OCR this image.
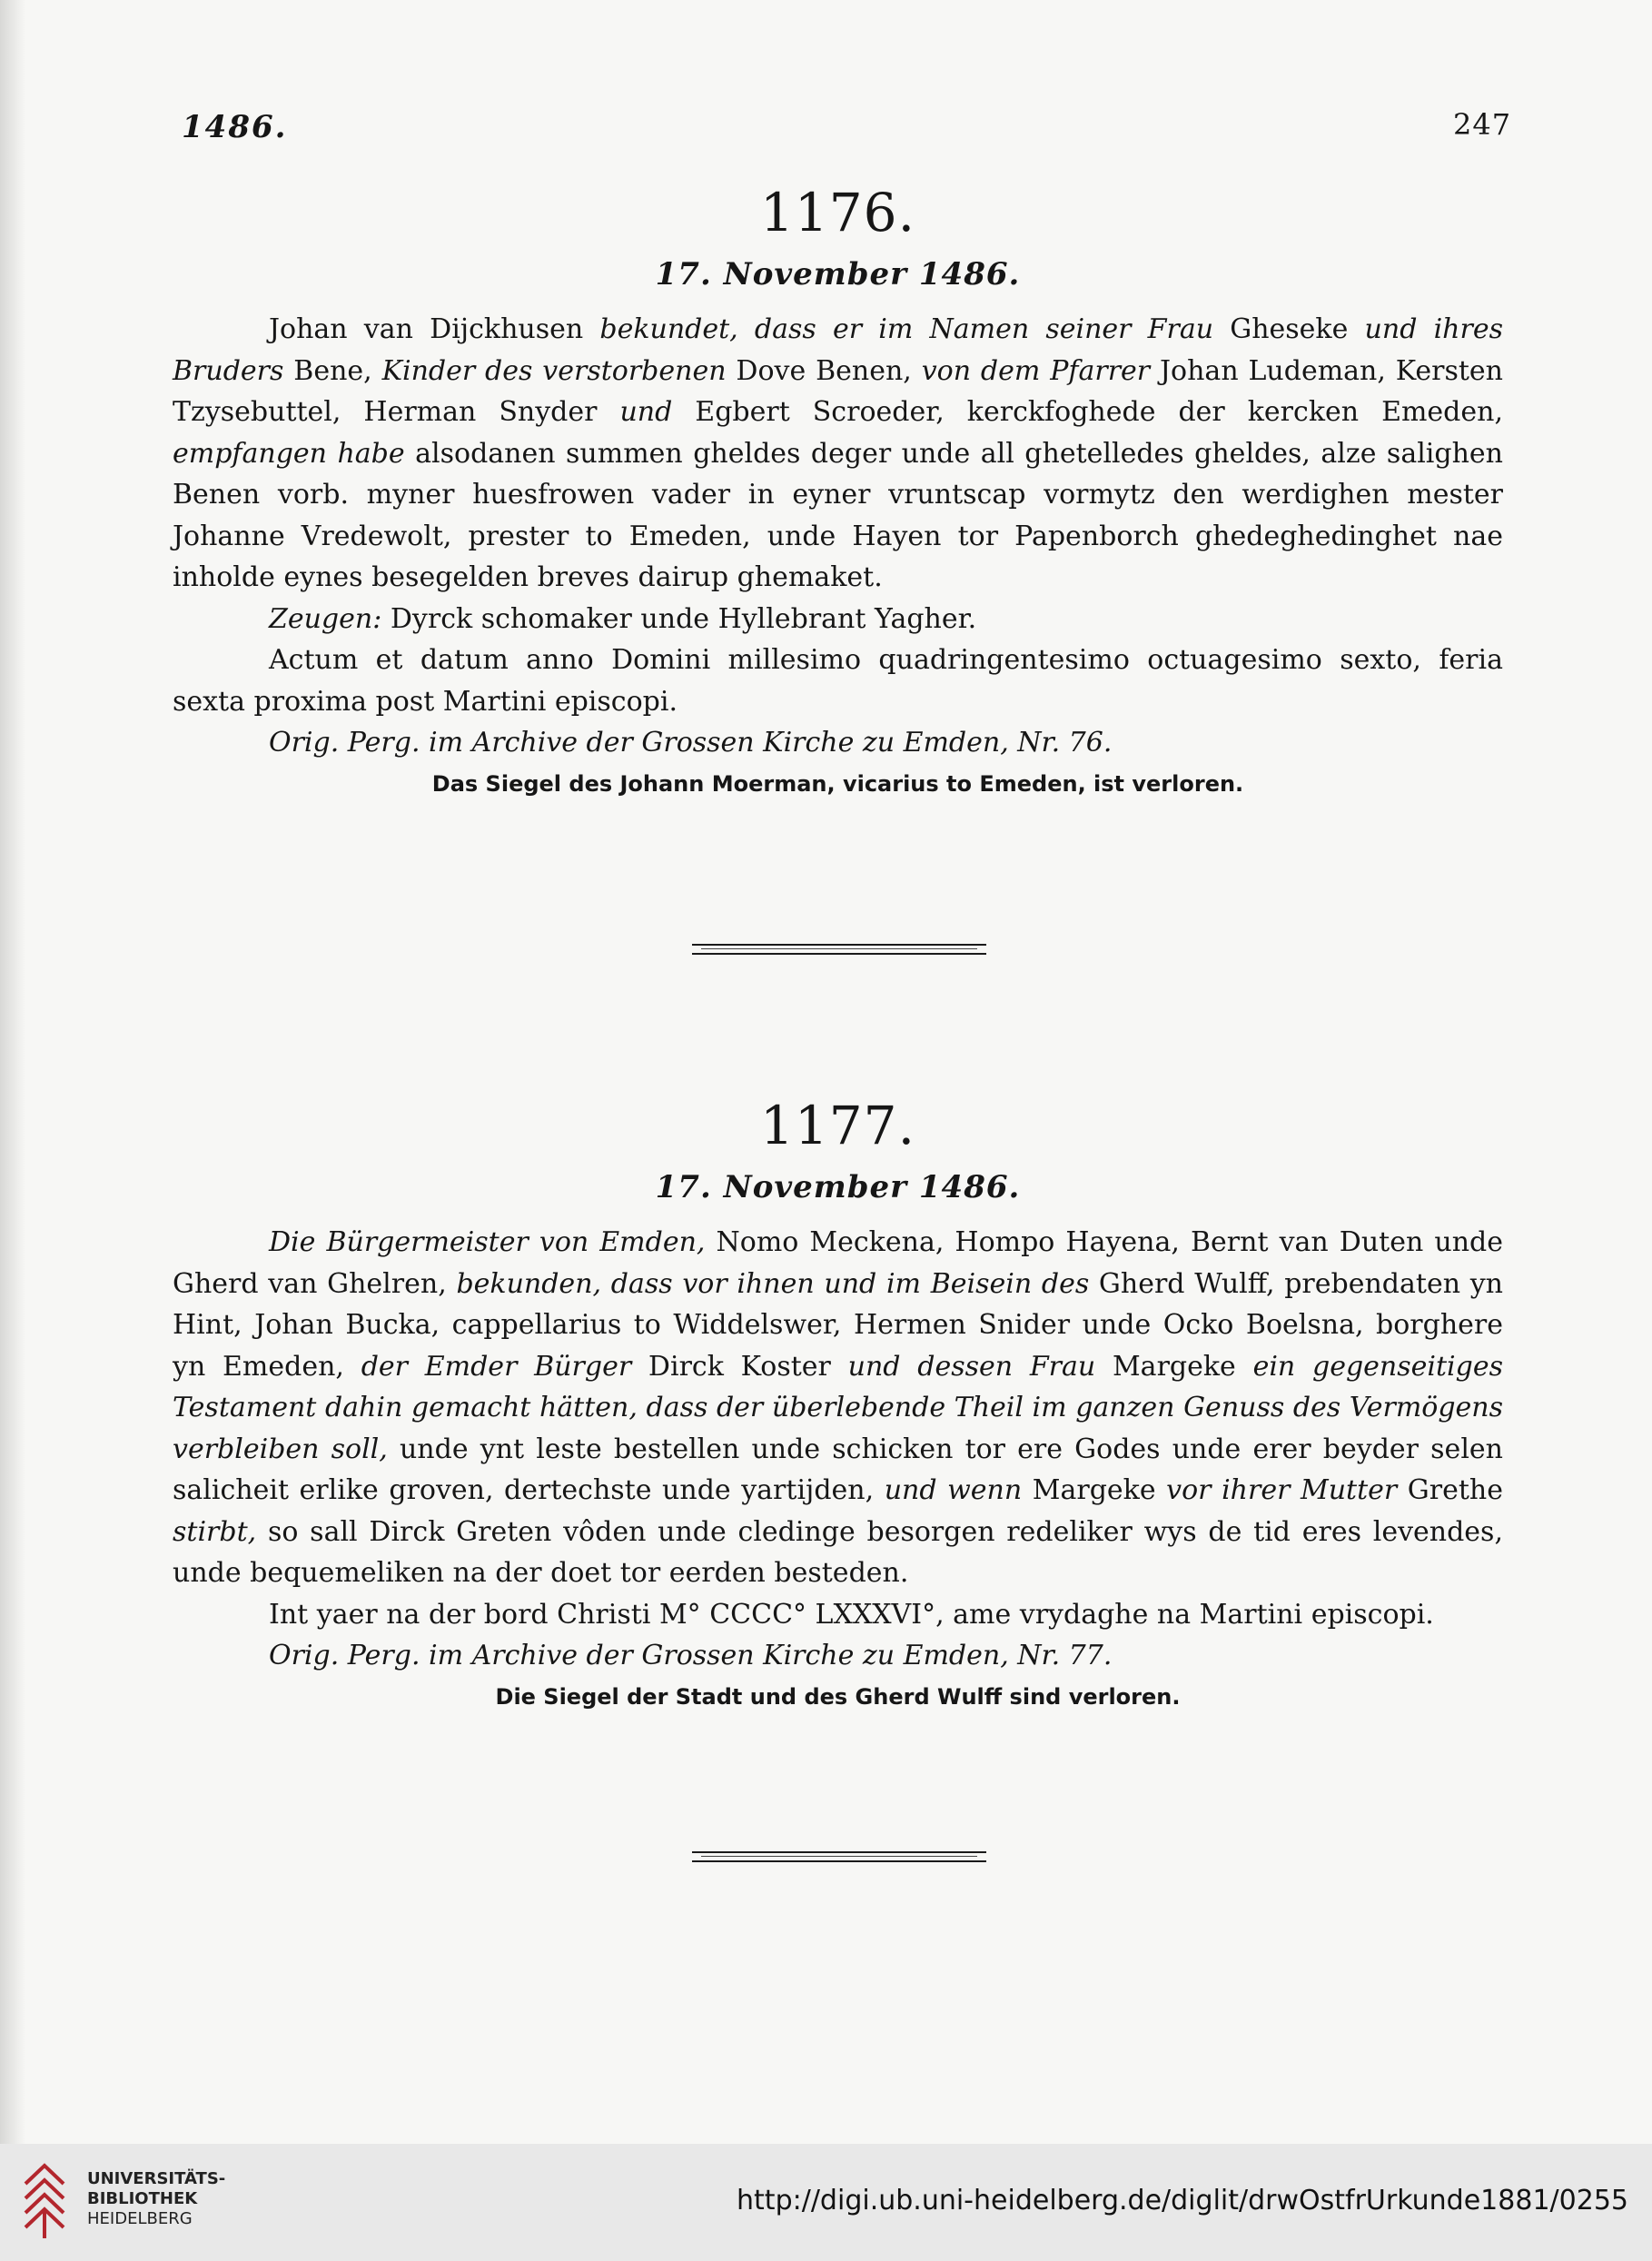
1486.	247

1176.

17. November 1486.

Johan van Dijckhusen bekundet, dass er im Namen seiner Frau Gheseke und ihres Bruders Bene, Kinder des verstorbenen Dove Benen, von dem Pfarrer Johan Ludeman, Kersten Tzysebuttel, Herman Snyder und Egbert Scroeder, kerckfoghede der kercken Emeden, empfangen habe alsodanen summen gheldes deger unde all ghetelledes gheldes, alze salighen Benen vorb. myner huesfrowen vader in eyner vruntscap vormytz den werdighen mester Johanne Vredewolt, prester to Emeden, unde Hayen tor Papenborch ghedeghedinghet nae inholde eynes besegelden breves dairup ghemaket.

Zeugen: Dyrck schomaker unde Hyllebrant Yagher.

Actum et datum anno Domini millesimo quadringentesimo octuagesimo sexto, feria sexta proxima post Martini episcopi.

Orig. Perg. im Archive der Grossen Kirche zu Emden, Nr. 76.

Das Siegel des Johann Moerman, vicarius to Emeden, ist verloren.

1177.

17. November 1486.

Die Bürgermeister von Emden, Nomo Meckena, Hompo Hayena, Bernt van Duten unde Gherd van Ghelren, bekunden, dass vor ihnen und im Beisein des Gherd Wulff, prebendaten yn Hint, Johan Bucka, cappellarius to Widdelswer, Hermen Snider unde Ocko Boelsna, borghere yn Emeden, der Emder Bürger Dirck Koster und dessen Frau Margeke ein gegenseitiges Testament dahin gemacht hätten, dass der überlebende Theil im ganzen Genuss des Vermögens verbleiben soll, unde ynt leste bestellen unde schicken tor ere Godes unde erer beyder selen salicheit erlike groven, dertechste unde yartijden, und wenn Margeke vor ihrer Mutter Grethe stirbt, so sall Dirck Greten vôden unde cledinge besorgen redeliker wys de tid eres levendes, unde bequemeliken na der doet tor eerden besteden.

Int yaer na der bord Christi M° CCCC° LXXXVI°, ame vrydaghe na Martini episcopi.

Orig. Perg. im Archive der Grossen Kirche zu Emden, Nr. 77.

Die Siegel der Stadt und des Gherd Wulff sind verloren.

UNIVERSITÄTS-
BIBLIOTHEK
HEIDELBERG
http://digi.ub.uni-heidelberg.de/diglit/drwOstfrUrkunde1881/0255
